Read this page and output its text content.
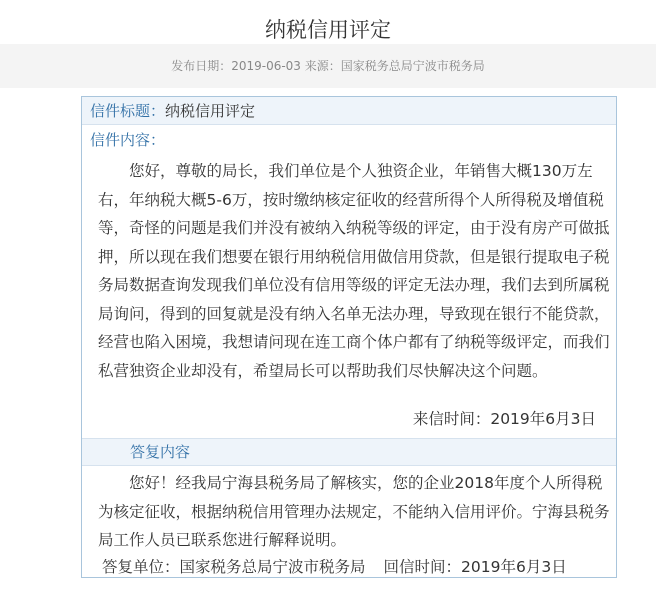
纳税信用评定
发布日期：2019-06-03 来源：国家税务总局宁波市税务局
信件标题：纳税信用评定
信件内容：

您好，尊敬的局长，我们单位是个人独资企业，年销售大概130万左右，年纳税大概5-6万，按时缴纳核定征收的经营所得个人所得税及增值税等，奇怪的问题是我们并没有被纳入纳税等级的评定，由于没有房产可做抵押，所以现在我们想要在银行用纳税信用做信用贷款，但是银行提取电子税务局数据查询发现我们单位没有信用等级的评定无法办理，我们去到所属税局询问，得到的回复就是没有纳入名单无法办理，导致现在银行不能贷款，经营也陷入困境，我想请问现在连工商个体户都有了纳税等级评定，而我们私营独资企业却没有，希望局长可以帮助我们尽快解决这个问题。

来信时间：2019年6月3日
答复内容

您好！经我局宁海县税务局了解核实，您的企业2018年度个人所得税为核定征收，根据纳税信用管理办法规定，不能纳入信用评价。宁海县税务局工作人员已联系您进行解释说明。

答复单位：国家税务总局宁波市税务局 回信时间：2019年6月3日
